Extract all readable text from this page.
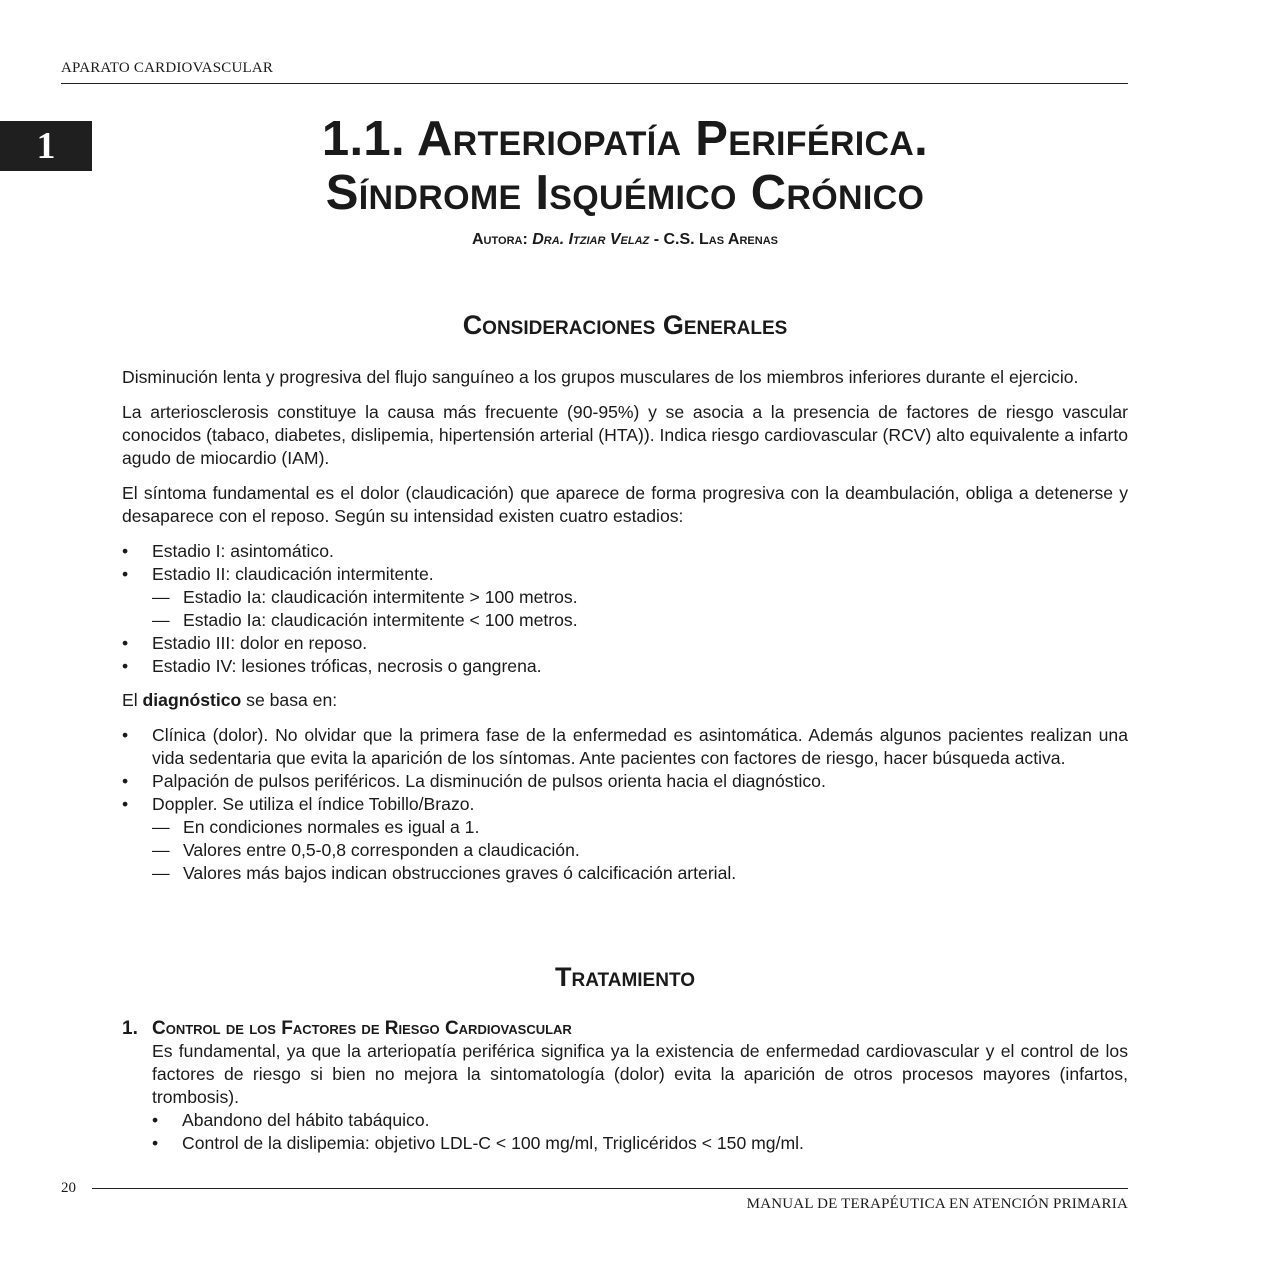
APARATO CARDIOVASCULAR
1	1.1. Arteriopatía Periférica.
Síndrome Isquémico Crónico
Autora: Dra. Itziar Velaz - C.S. Las Arenas
Consideraciones Generales

Disminución lenta y progresiva del flujo sanguíneo a los grupos musculares de los miembros inferiores durante el ejercicio.

La arteriosclerosis constituye la causa más frecuente (90-95%) y se asocia a la presencia de factores de riesgo vascular conocidos (tabaco, diabetes, dislipemia, hipertensión arterial (HTA)). Indica riesgo cardiovascular (RCV) alto equivalente a infarto agudo de miocardio (IAM).

El síntoma fundamental es el dolor (claudicación) que aparece de forma progresiva con la deambulación, obliga a detenerse y desaparece con el reposo. Según su intensidad existen cuatro estadios:

• Estadio I: asintomático.
• Estadio II: claudicación intermitente.
— Estadio Ia: claudicación intermitente > 100 metros.
— Estadio Ia: claudicación intermitente < 100 metros.
• Estadio III: dolor en reposo.
• Estadio IV: lesiones tróficas, necrosis o gangrena.

El diagnóstico se basa en:

• Clínica (dolor). No olvidar que la primera fase de la enfermedad es asintomática. Además algunos pacientes realizan una vida sedentaria que evita la aparición de los síntomas. Ante pacientes con factores de riesgo, hacer búsqueda activa.
• Palpación de pulsos periféricos. La disminución de pulsos orienta hacia el diagnóstico.
• Doppler. Se utiliza el índice Tobillo/Brazo.
— En condiciones normales es igual a 1.
— Valores entre 0,5-0,8 corresponden a claudicación.
— Valores más bajos indican obstrucciones graves ó calcificación arterial.
Tratamiento
1. Control de los Factores de Riesgo Cardiovascular

Es fundamental, ya que la arteriopatía periférica significa ya la existencia de enfermedad cardiovascular y el control de los factores de riesgo si bien no mejora la sintomatología (dolor) evita la aparición de otros procesos mayores (infartos, trombosis).

• Abandono del hábito tabáquico.
• Control de la dislipemia: objetivo LDL-C < 100 mg/ml, Triglicéridos < 150 mg/ml.
20
MANUAL DE TERAPÉUTICA EN ATENCIÓN PRIMARIA
